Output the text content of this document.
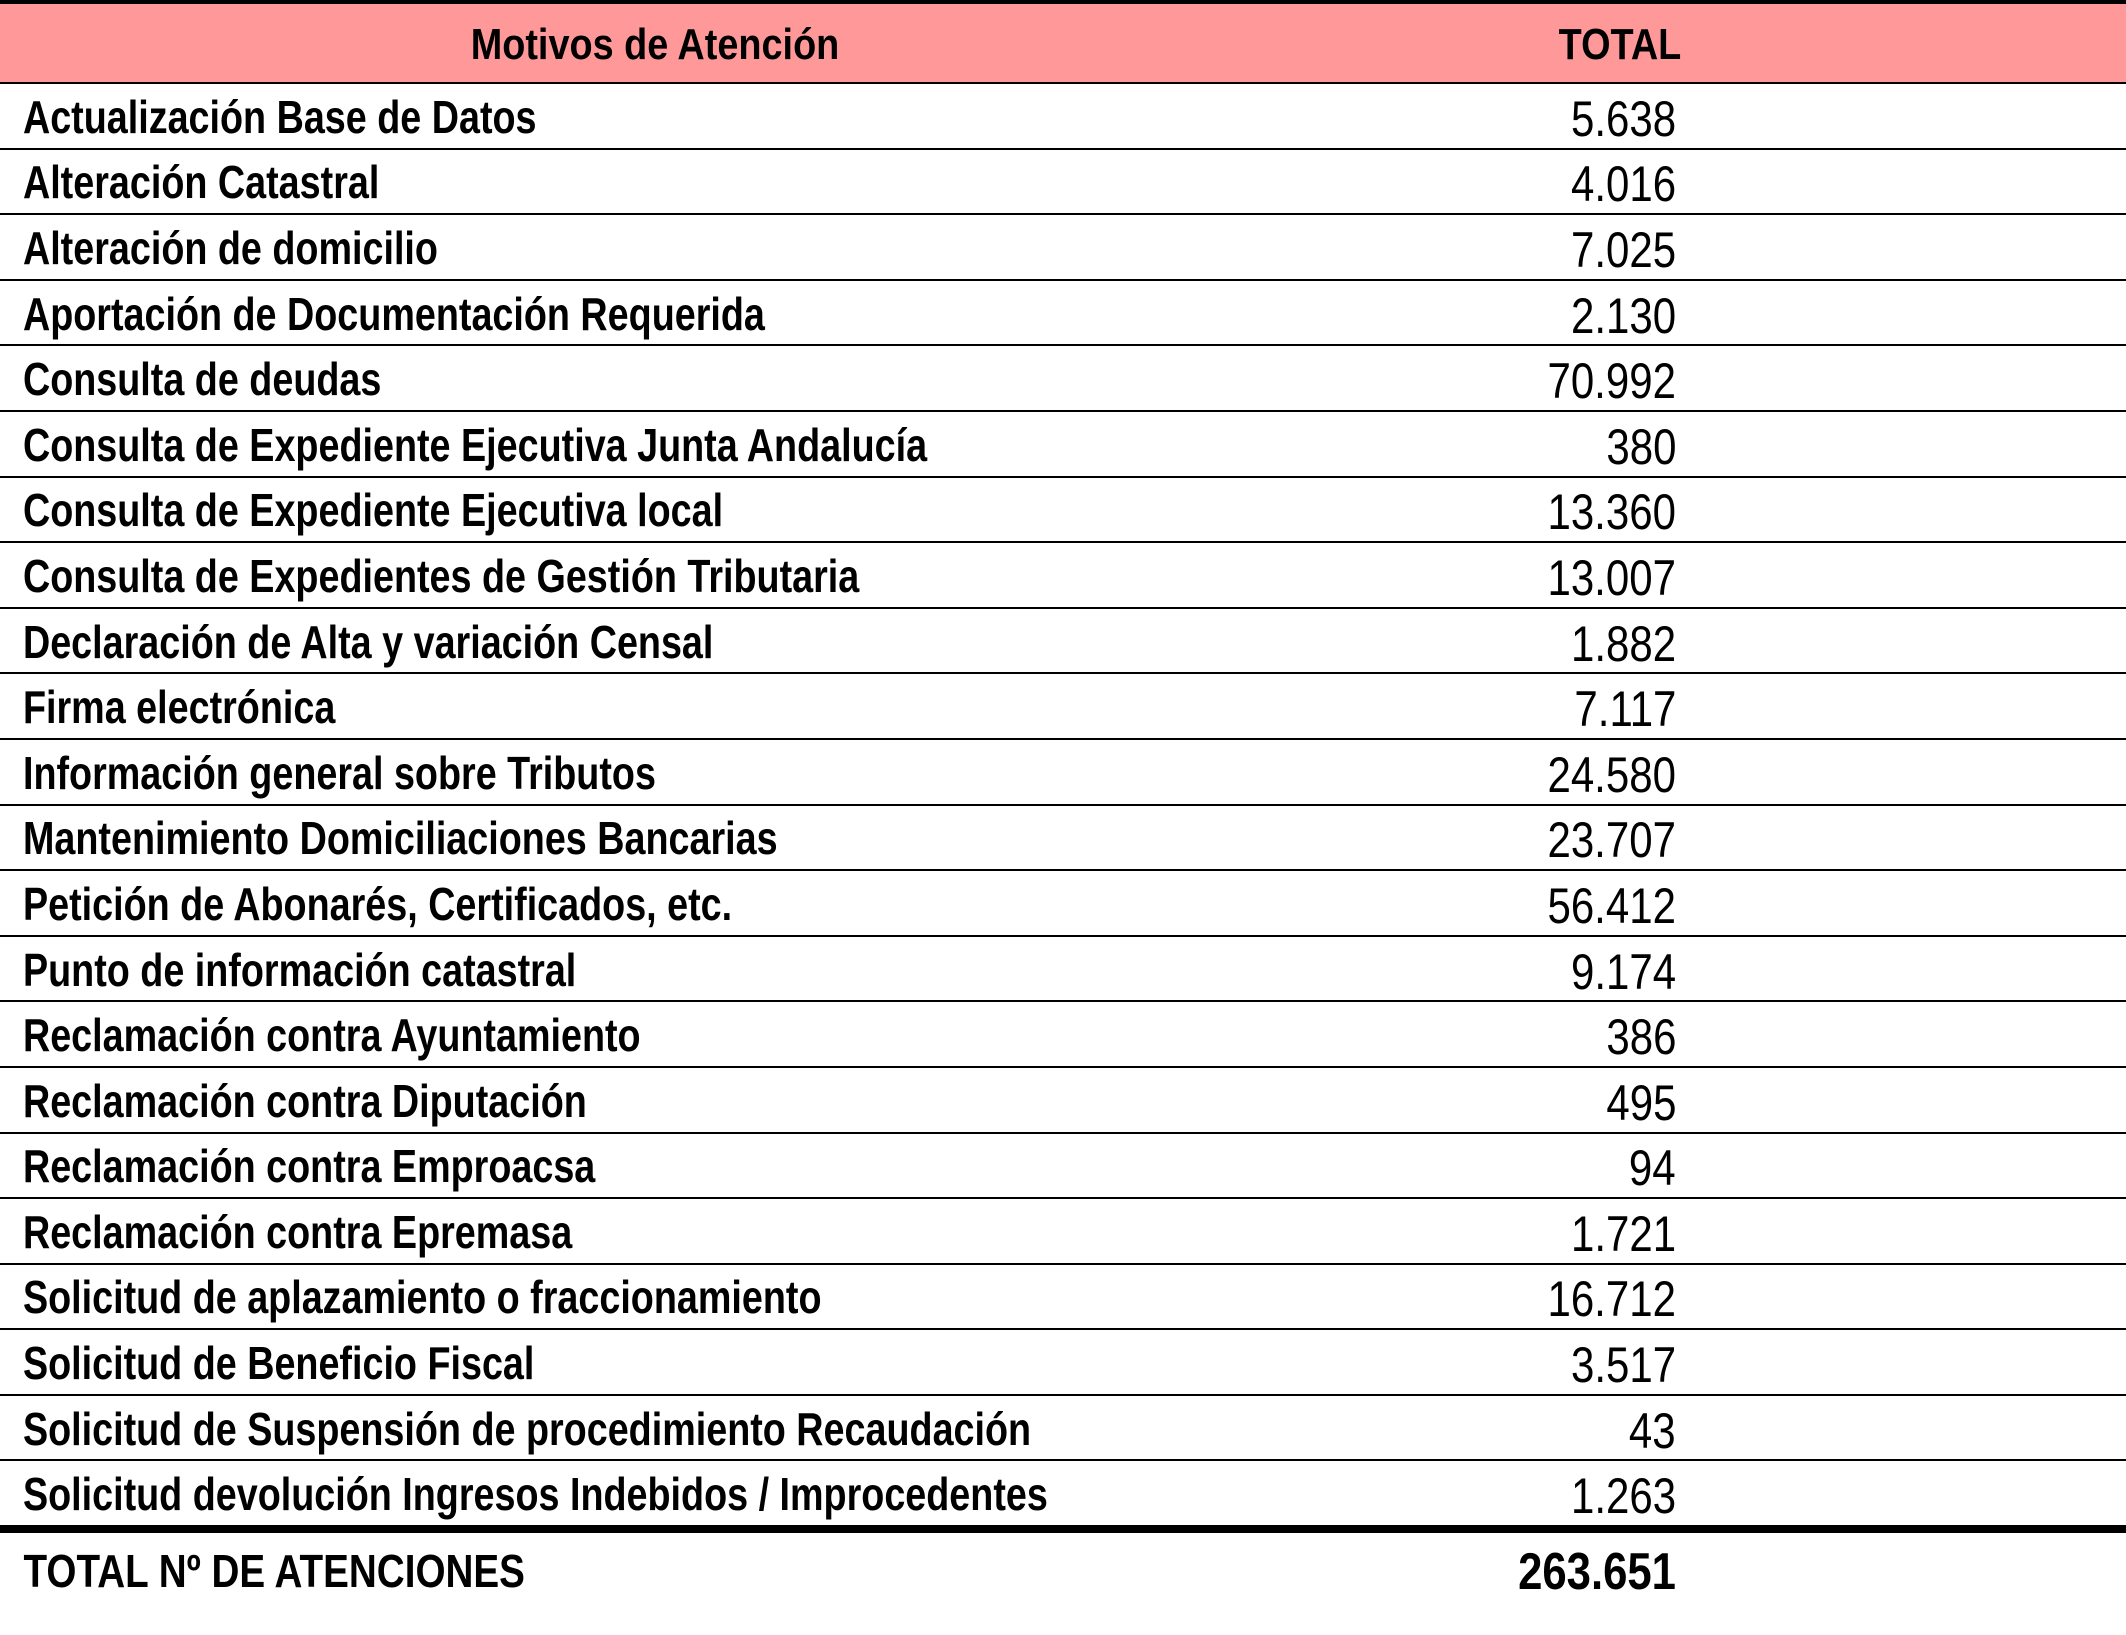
Motivos de Atención	TOTAL
Actualización Base de Datos	5.638
Alteración Catastral	4.016
Alteración de domicilio	7.025
Aportación de Documentación Requerida	2.130
Consulta de deudas	70.992
Consulta de Expediente Ejecutiva Junta Andalucía	380
Consulta de Expediente Ejecutiva local	13.360
Consulta de Expedientes de Gestión Tributaria	13.007
Declaración de Alta y variación Censal	1.882
Firma electrónica	7.117
Información general sobre Tributos	24.580
Mantenimiento Domiciliaciones Bancarias	23.707
Petición de Abonarés, Certificados, etc.	56.412
Punto de información catastral	9.174
Reclamación contra Ayuntamiento	386
Reclamación contra Diputación	495
Reclamación contra Emproacsa	94
Reclamación contra Epremasa	1.721
Solicitud de aplazamiento o fraccionamiento	16.712
Solicitud de Beneficio Fiscal	3.517
Solicitud de Suspensión de procedimiento Recaudación	43
Solicitud devolución Ingresos Indebidos / Improcedentes	1.263
TOTAL Nº DE ATENCIONES	263.651
